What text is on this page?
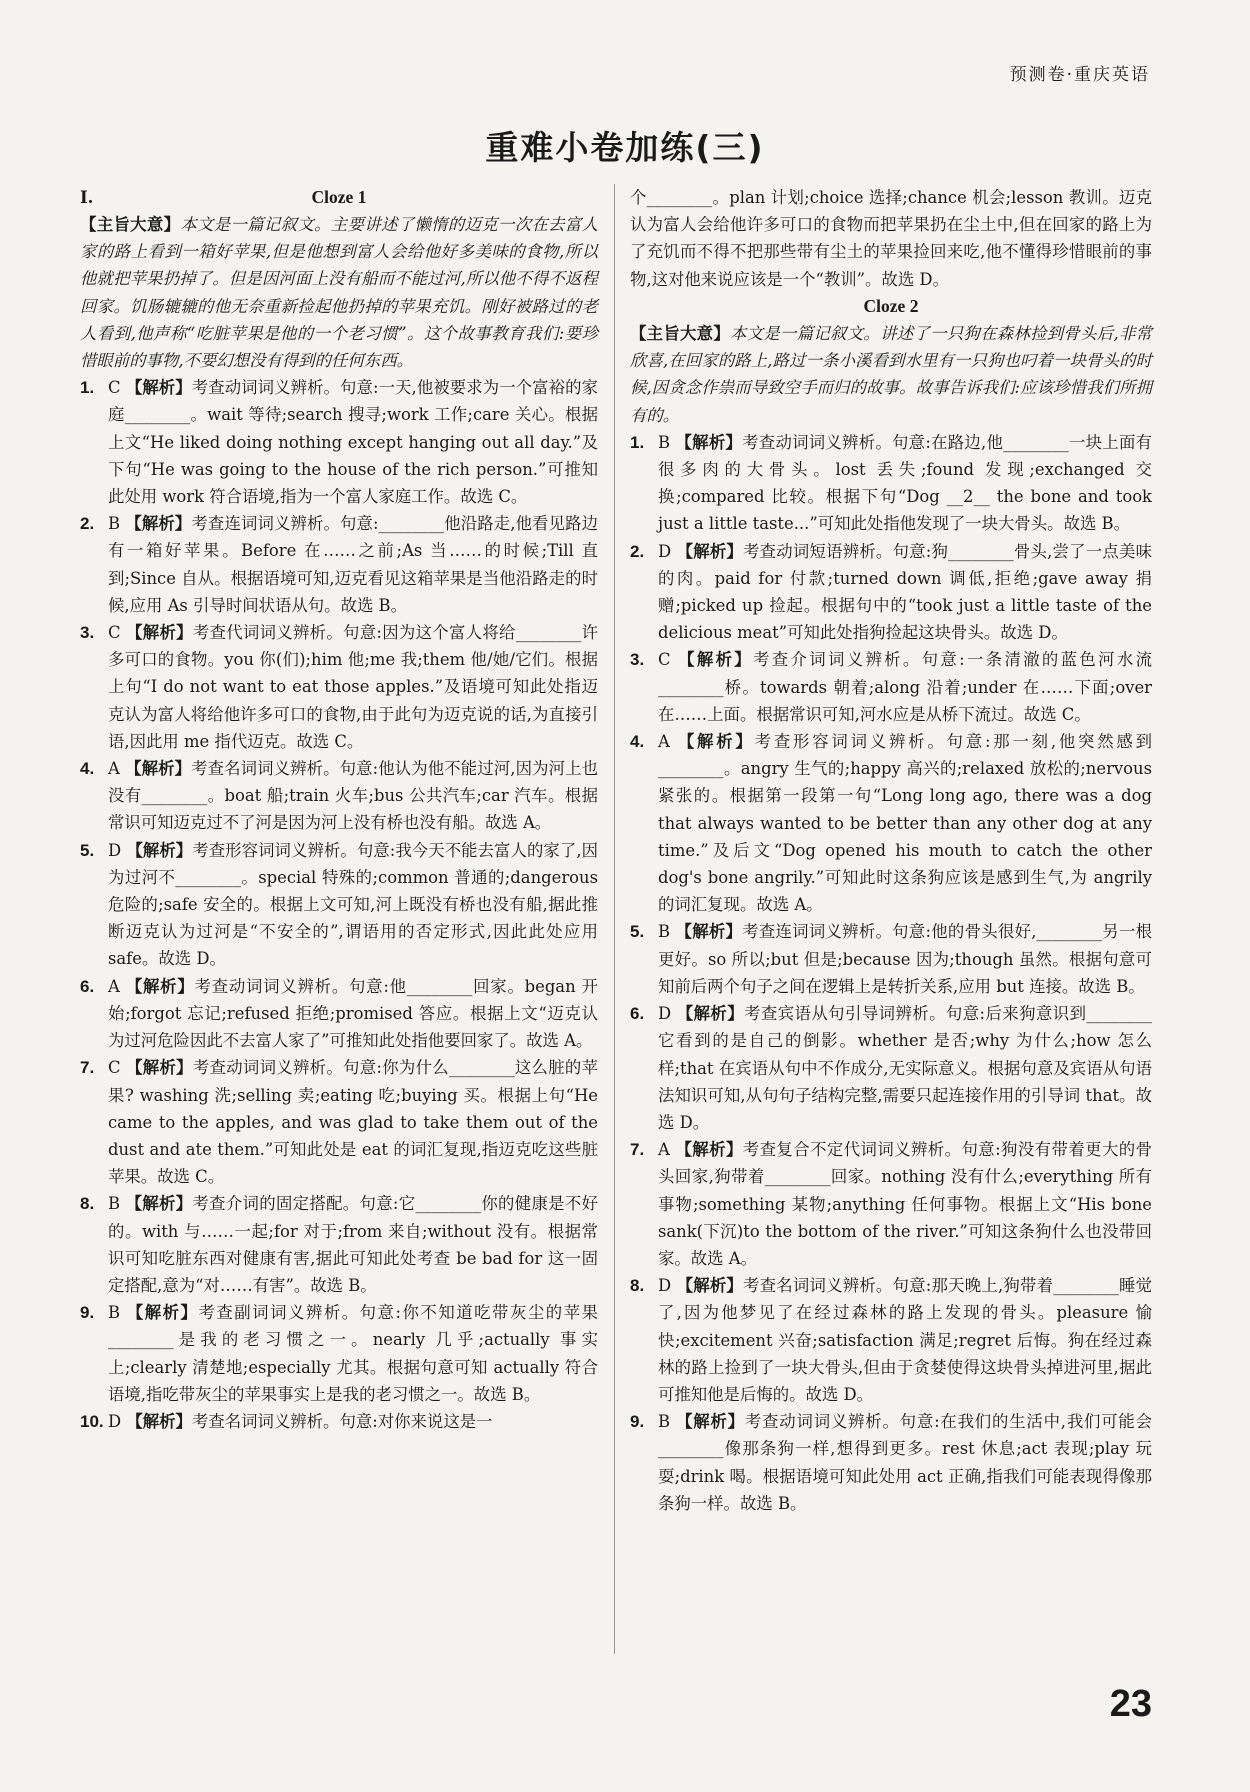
预测卷·重庆英语
重难小卷加练(三)
Ⅰ.	Cloze 1

【主旨大意】本文是一篇记叙文。主要讲述了懒惰的迈克一次在去富人家的路上看到一箱好苹果,但是他想到富人会给他好多美味的食物,所以他就把苹果扔掉了。但是因河面上没有船而不能过河,所以他不得不返程回家。饥肠辘辘的他无奈重新捡起他扔掉的苹果充饥。刚好被路过的老人看到,他声称“吃脏苹果是他的一个老习惯”。这个故事教育我们:要珍惜眼前的事物,不要幻想没有得到的任何东西。

1. C 【解析】考查动词词义辨析。句意:一天,他被要求为一个富裕的家庭________。wait 等待;search 搜寻;work 工作;care 关心。根据上文“He liked doing nothing except hanging out all day.”及下句“He was going to the house of the rich person.”可推知此处用 work 符合语境,指为一个富人家庭工作。故选 C。

2. B 【解析】考查连词词义辨析。句意:________他沿路走,他看见路边有一箱好苹果。Before 在……之前;As 当……的时候;Till 直到;Since 自从。根据语境可知,迈克看见这箱苹果是当他沿路走的时候,应用 As 引导时间状语从句。故选 B。

3. C 【解析】考查代词词义辨析。句意:因为这个富人将给________许多可口的食物。you 你(们);him 他;me 我;them 他/她/它们。根据上句“I do not want to eat those apples.”及语境可知此处指迈克认为富人将给他许多可口的食物,由于此句为迈克说的话,为直接引语,因此用 me 指代迈克。故选 C。

4. A 【解析】考查名词词义辨析。句意:他认为他不能过河,因为河上也没有________。boat 船;train 火车;bus 公共汽车;car 汽车。根据常识可知迈克过不了河是因为河上没有桥也没有船。故选 A。

5. D 【解析】考查形容词词义辨析。句意:我今天不能去富人的家了,因为过河不________。special 特殊的;common 普通的;dangerous 危险的;safe 安全的。根据上文可知,河上既没有桥也没有船,据此推断迈克认为过河是“不安全的”,谓语用的否定形式,因此此处应用 safe。故选 D。

6. A 【解析】考查动词词义辨析。句意:他________回家。began 开始;forgot 忘记;refused 拒绝;promised 答应。根据上文“迈克认为过河危险因此不去富人家了”可推知此处指他要回家了。故选 A。

7. C 【解析】考查动词词义辨析。句意:你为什么________这么脏的苹果? washing 洗;selling 卖;eating 吃;buying 买。根据上句“He came to the apples, and was glad to take them out of the dust and ate them.”可知此处是 eat 的词汇复现,指迈克吃这些脏苹果。故选 C。

8. B 【解析】考查介词的固定搭配。句意:它________你的健康是不好的。with 与……一起;for 对于;from 来自;without 没有。根据常识可知吃脏东西对健康有害,据此可知此处考查 be bad for 这一固定搭配,意为“对……有害”。故选 B。

9. B 【解析】考查副词词义辨析。句意:你不知道吃带灰尘的苹果________是我的老习惯之一。nearly 几乎;actually 事实上;clearly 清楚地;especially 尤其。根据句意可知 actually 符合语境,指吃带灰尘的苹果事实上是我的老习惯之一。故选 B。

10. D 【解析】考查名词词义辨析。句意:对你来说这是一

个________。plan 计划;choice 选择;chance 机会;lesson 教训。迈克认为富人会给他许多可口的食物而把苹果扔在尘土中,但在回家的路上为了充饥而不得不把那些带有尘土的苹果捡回来吃,他不懂得珍惜眼前的事物,这对他来说应该是一个“教训”。故选 D。

Cloze 2

【主旨大意】本文是一篇记叙文。讲述了一只狗在森林捡到骨头后,非常欣喜,在回家的路上,路过一条小溪看到水里有一只狗也叼着一块骨头的时候,因贪念作祟而导致空手而归的故事。故事告诉我们:应该珍惜我们所拥有的。

1. B 【解析】考查动词词义辨析。句意:在路边,他________一块上面有很多肉的大骨头。lost 丢失;found 发现;exchanged 交换;compared 比较。根据下句“Dog __2__ the bone and took just a little taste...”可知此处指他发现了一块大骨头。故选 B。

2. D 【解析】考查动词短语辨析。句意:狗________骨头,尝了一点美味的肉。paid for 付款;turned down 调低,拒绝;gave away 捐赠;picked up 捡起。根据句中的“took just a little taste of the delicious meat”可知此处指狗捡起这块骨头。故选 D。

3. C 【解析】考查介词词义辨析。句意:一条清澈的蓝色河水流________桥。towards 朝着;along 沿着;under 在……下面;over 在……上面。根据常识可知,河水应是从桥下流过。故选 C。

4. A 【解析】考查形容词词义辨析。句意:那一刻,他突然感到________。angry 生气的;happy 高兴的;relaxed 放松的;nervous 紧张的。根据第一段第一句“Long long ago, there was a dog that always wanted to be better than any other dog at any time.”及后文“Dog opened his mouth to catch the other dog's bone angrily.”可知此时这条狗应该是感到生气,为 angrily 的词汇复现。故选 A。

5. B 【解析】考查连词词义辨析。句意:他的骨头很好,________另一根更好。so 所以;but 但是;because 因为;though 虽然。根据句意可知前后两个句子之间在逻辑上是转折关系,应用 but 连接。故选 B。

6. D 【解析】考查宾语从句引导词辨析。句意:后来狗意识到________它看到的是自己的倒影。whether 是否;why 为什么;how 怎么样;that 在宾语从句中不作成分,无实际意义。根据句意及宾语从句语法知识可知,从句句子结构完整,需要只起连接作用的引导词 that。故选 D。

7. A 【解析】考查复合不定代词词义辨析。句意:狗没有带着更大的骨头回家,狗带着________回家。nothing 没有什么;everything 所有事物;something 某物;anything 任何事物。根据上文“His bone sank(下沉)to the bottom of the river.”可知这条狗什么也没带回家。故选 A。

8. D 【解析】考查名词词义辨析。句意:那天晚上,狗带着________睡觉了,因为他梦见了在经过森林的路上发现的骨头。pleasure 愉快;excitement 兴奋;satisfaction 满足;regret 后悔。狗在经过森林的路上捡到了一块大骨头,但由于贪婪使得这块骨头掉进河里,据此可推知他是后悔的。故选 D。

9. B 【解析】考查动词词义辨析。句意:在我们的生活中,我们可能会________像那条狗一样,想得到更多。rest 休息;act 表现;play 玩耍;drink 喝。根据语境可知此处用 act 正确,指我们可能表现得像那条狗一样。故选 B。

23
